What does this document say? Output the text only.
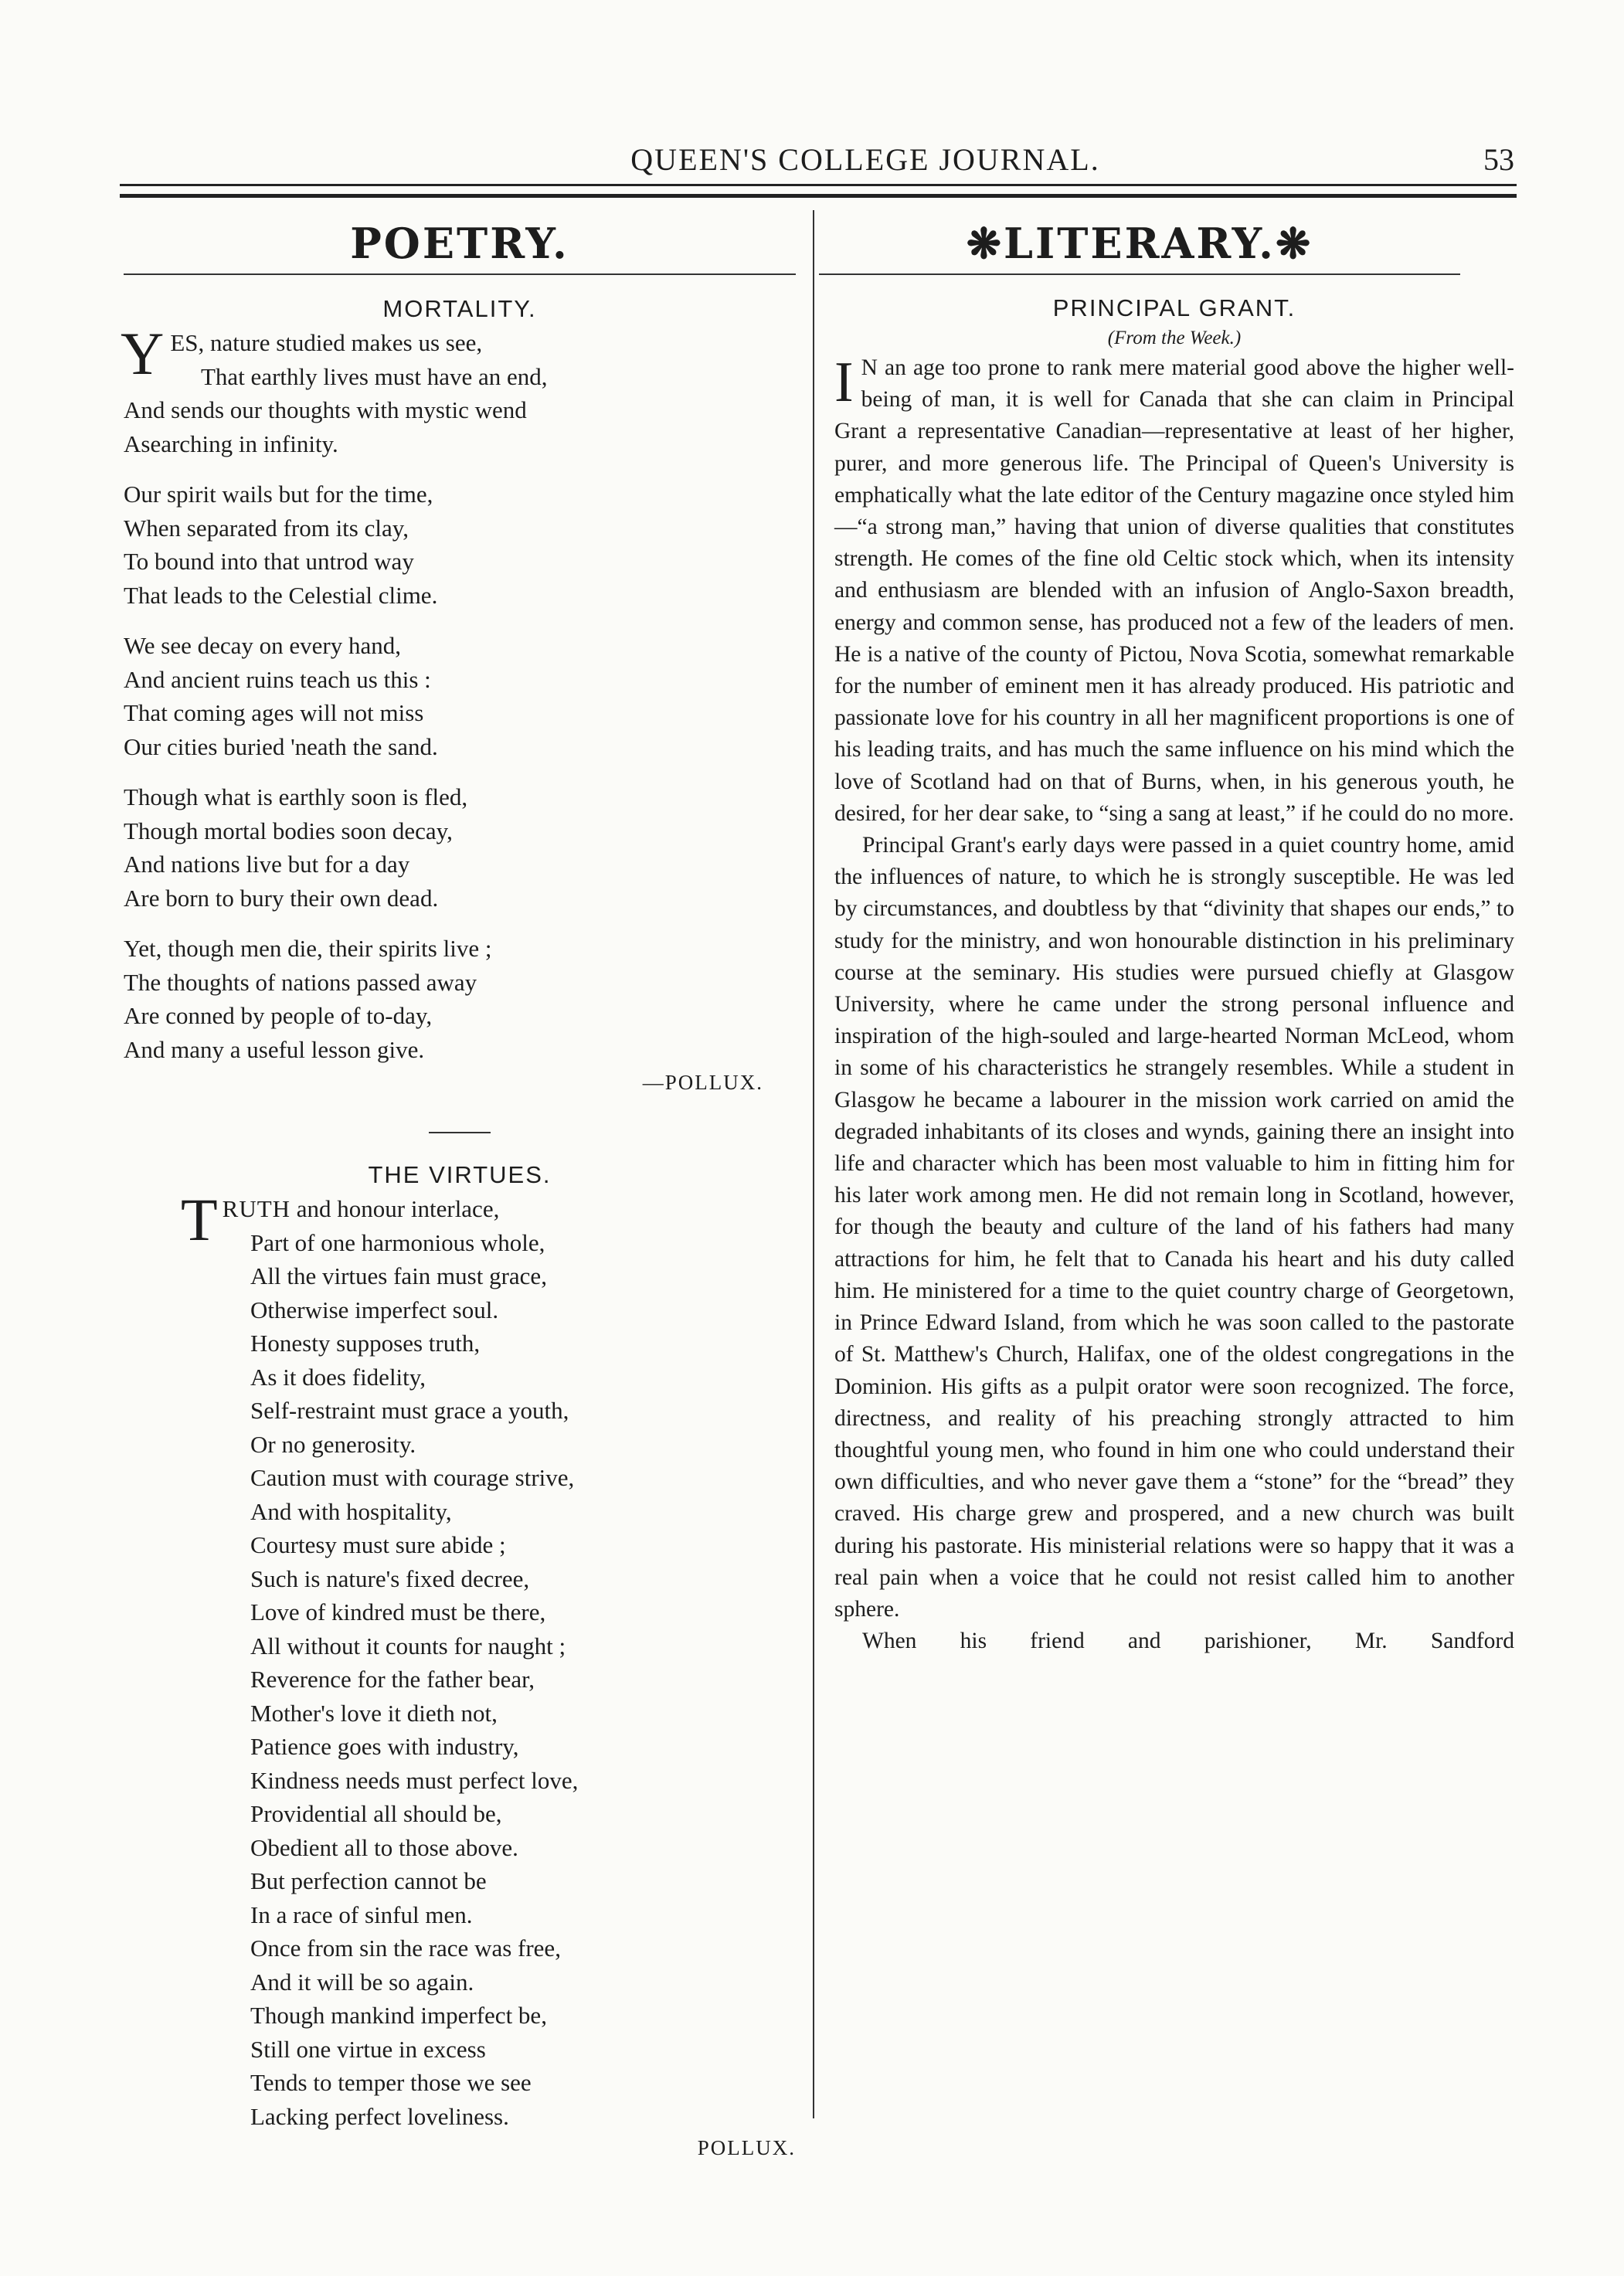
QUEEN'S COLLEGE JOURNAL.	53
POETRY.
MORTALITY.
YES, nature studied makes us see,
That earthly lives must have an end,
And sends our thoughts with mystic wend
Asearching in infinity.
Our spirit wails but for the time,
When separated from its clay,
To bound into that untrod way
That leads to the Celestial clime.
We see decay on every hand,
And ancient ruins teach us this :
That coming ages will not miss
Our cities buried 'neath the sand.
Though what is earthly soon is fled,
Though mortal bodies soon decay,
And nations live but for a day
Are born to bury their own dead.
Yet, though men die, their spirits live ;
The thoughts of nations passed away
Are conned by people of to-day,
And many a useful lesson give.
—POLLUX.
THE VIRTUES.
TRUTH and honour interlace,
Part of one harmonious whole,
All the virtues fain must grace,
Otherwise imperfect soul.
Honesty supposes truth,
As it does fidelity,
Self-restraint must grace a youth,
Or no generosity.
Caution must with courage strive,
And with hospitality,
Courtesy must sure abide ;
Such is nature's fixed decree,
Love of kindred must be there,
All without it counts for naught ;
Reverence for the father bear,
Mother's love it dieth not,
Patience goes with industry,
Kindness needs must perfect love,
Providential all should be,
Obedient all to those above.
But perfection cannot be
In a race of sinful men.
Once from sin the race was free,
And it will be so again.
Though mankind imperfect be,
Still one virtue in excess
Tends to temper those we see
Lacking perfect loveliness.
POLLUX.
❋LITERARY.❋
PRINCIPAL GRANT.
(From the Week.)

I N an age too prone to rank mere material good above the higher well-being of man, it is well for Canada that she can claim in Principal Grant a representative Canadian—representative at least of her higher, purer, and more generous life. The Principal of Queen's University is emphatically what the late editor of the Century magazine once styled him—“a strong man,” having that union of diverse qualities that constitutes strength. He comes of the fine old Celtic stock which, when its intensity and enthusiasm are blended with an infusion of Anglo-Saxon breadth, energy and common sense, has produced not a few of the leaders of men. He is a native of the county of Pictou, Nova Scotia, somewhat remarkable for the number of eminent men it has already produced. His patriotic and passionate love for his country in all her magnificent proportions is one of his leading traits, and has much the same influence on his mind which the love of Scotland had on that of Burns, when, in his generous youth, he desired, for her dear sake, to “sing a sang at least,” if he could do no more.

Principal Grant's early days were passed in a quiet country home, amid the influences of nature, to which he is strongly susceptible. He was led by circumstances, and doubtless by that “divinity that shapes our ends,” to study for the ministry, and won honourable distinction in his preliminary course at the seminary. His studies were pursued chiefly at Glasgow University, where he came under the strong personal influence and inspiration of the high-souled and large-hearted Norman McLeod, whom in some of his characteristics he strangely resembles. While a student in Glasgow he became a labourer in the mission work carried on amid the degraded inhabitants of its closes and wynds, gaining there an insight into life and character which has been most valuable to him in fitting him for his later work among men. He did not remain long in Scotland, however, for though the beauty and culture of the land of his fathers had many attractions for him, he felt that to Canada his heart and his duty called him. He ministered for a time to the quiet country charge of Georgetown, in Prince Edward Island, from which he was soon called to the pastorate of St. Matthew's Church, Halifax, one of the oldest congregations in the Dominion. His gifts as a pulpit orator were soon recognized. The force, directness, and reality of his preaching strongly attracted to him thoughtful young men, who found in him one who could understand their own difficulties, and who never gave them a “stone” for the “bread” they craved. His charge grew and prospered, and a new church was built during his pastorate. His ministerial relations were so happy that it was a real pain when a voice that he could not resist called him to another sphere.

When his friend and parishioner, Mr. Sandford
